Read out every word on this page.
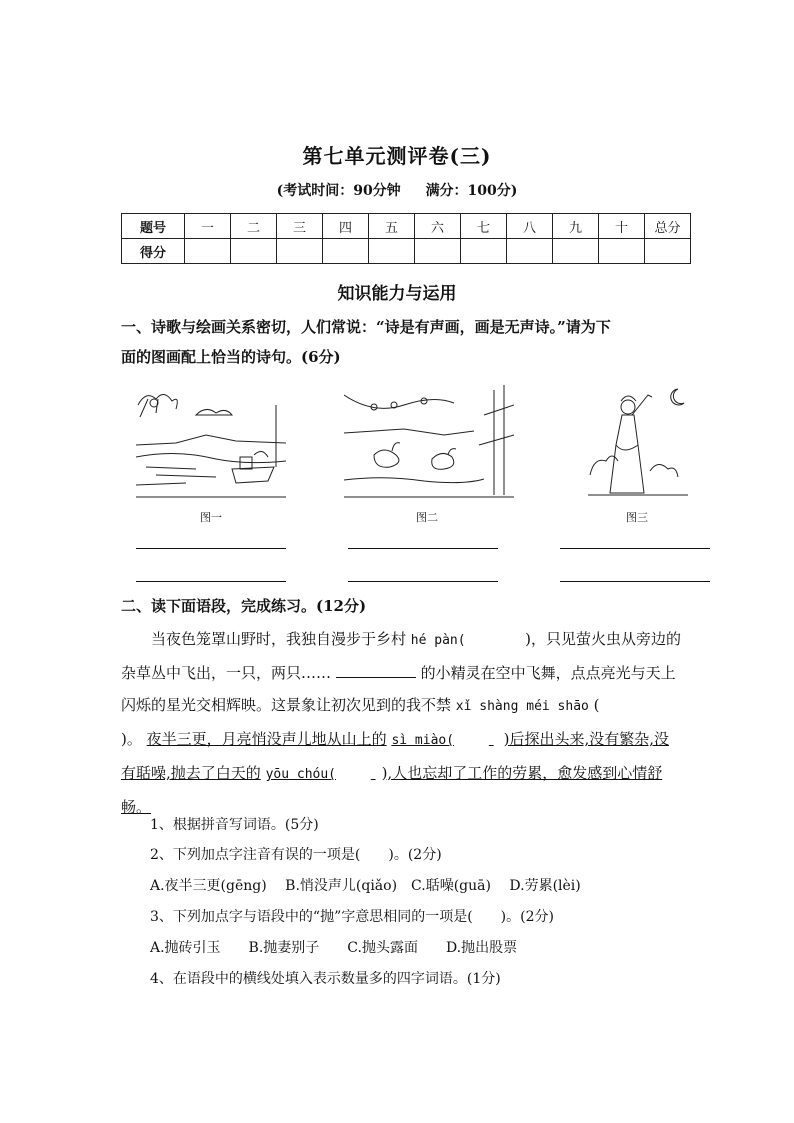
第七单元测评卷(三)
(考试时间：90分钟 满分：100分)
题号	一	二	三	四	五	六	七	八	九	十	总分
得分											
知识能力与运用
一、诗歌与绘画关系密切，人们常说：“诗是有声画，画是无声诗。”请为下
面的图画配上恰当的诗句。(6分)
图一	图二	图三
二、读下面语段，完成练习。(12分)
当夜色笼罩山野时，我独自漫步于乡村 hé pàn(	)，只见萤火虫从旁边的杂草丛中飞出，一只，两只……	的小精灵在空中飞舞，点点亮光与天上闪烁的星光交相辉映。这景象让初次见到的我不禁 xǐ shàng méi shāo (  )。 夜半三更，月亮悄没声儿地从山上的 sì miào(	)后探出头来,没有繁杂,没有聒噪,抛去了白天的 yōu chóu(	),人也忘却了工作的劳累，愈发感到心情舒畅。
1、根据拼音写词语。(5分)
2、下列加点字注音有误的一项是(　　)。(2分)
A.夜半三更(gēng)　 B.悄没声儿(qiǎo)　C.聒噪(guā)　 D.劳累(lèi)
3、下列加点字与语段中的“抛”字意思相同的一项是(　　)。(2分)
A.抛砖引玉　　B.抛妻别子　　C.抛头露面　　D.抛出股票
4、在语段中的横线处填入表示数量多的四字词语。(1分)
